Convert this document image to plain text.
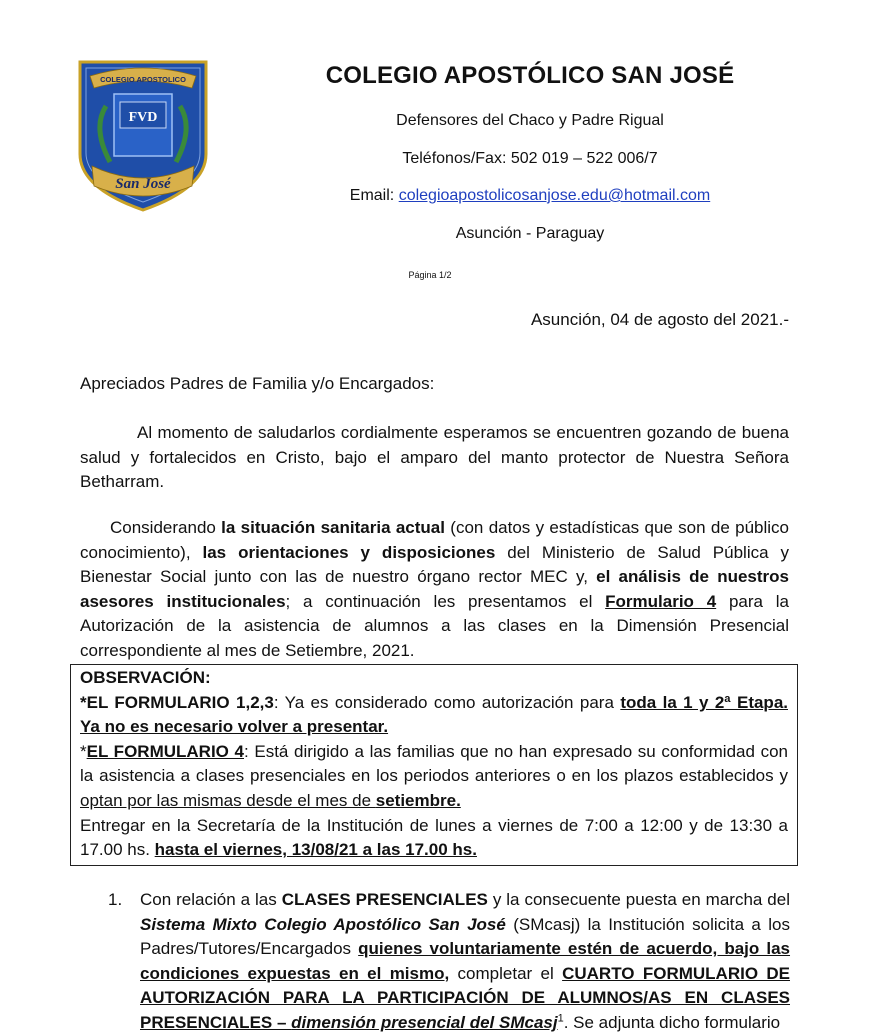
COLEGIO APOSTOLICO
FVD
San José
COLEGIO APOSTÓLICO SAN JOSÉ
Defensores del Chaco y Padre Rigual
Teléfonos/Fax: 502 019 – 522 006/7
Email: colegioapostolicosanjose.edu@hotmail.com
Asunción - Paraguay
Página 1/2
Asunción, 04 de agosto del 2021.-
Apreciados Padres de Familia y/o Encargados:
Al momento de saludarlos cordialmente esperamos se encuentren gozando de buena salud y fortalecidos en Cristo, bajo el amparo del manto protector de Nuestra Señora Betharram.
Considerando la situación sanitaria actual (con datos y estadísticas que son de público conocimiento), las orientaciones y disposiciones del Ministerio de Salud Pública y Bienestar Social junto con las de nuestro órgano rector MEC y, el análisis de nuestros asesores institucionales; a continuación les presentamos el Formulario 4 para la Autorización de la asistencia de alumnos a las clases en la Dimensión Presencial correspondiente al mes de Setiembre, 2021.

OBSERVACIÓN:

*EL FORMULARIO 1,2,3: Ya es considerado como autorización para toda la 1 y 2ª Etapa. Ya no es necesario volver a presentar.

*EL FORMULARIO 4: Está dirigido a las familias que no han expresado su conformidad con la asistencia a clases presenciales en los periodos anteriores o en los plazos establecidos y optan por las mismas desde el mes de setiembre.

Entregar en la Secretaría de la Institución de lunes a viernes de 7:00 a 12:00 y de 13:30 a 17.00 hs. hasta el viernes, 13/08/21 a las 17.00 hs.

1. Con relación a las CLASES PRESENCIALES y la consecuente puesta en marcha del Sistema Mixto Colegio Apostólico San José (SMcasj) la Institución solicita a los Padres/Tutores/Encargados quienes voluntariamente estén de acuerdo, bajo las condiciones expuestas en el mismo, completar el CUARTO FORMULARIO DE AUTORIZACIÓN PARA LA PARTICIPACIÓN DE ALUMNOS/AS EN CLASES PRESENCIALES – dimensión presencial del SMcasj$^1$. Se adjunta dicho formulario
